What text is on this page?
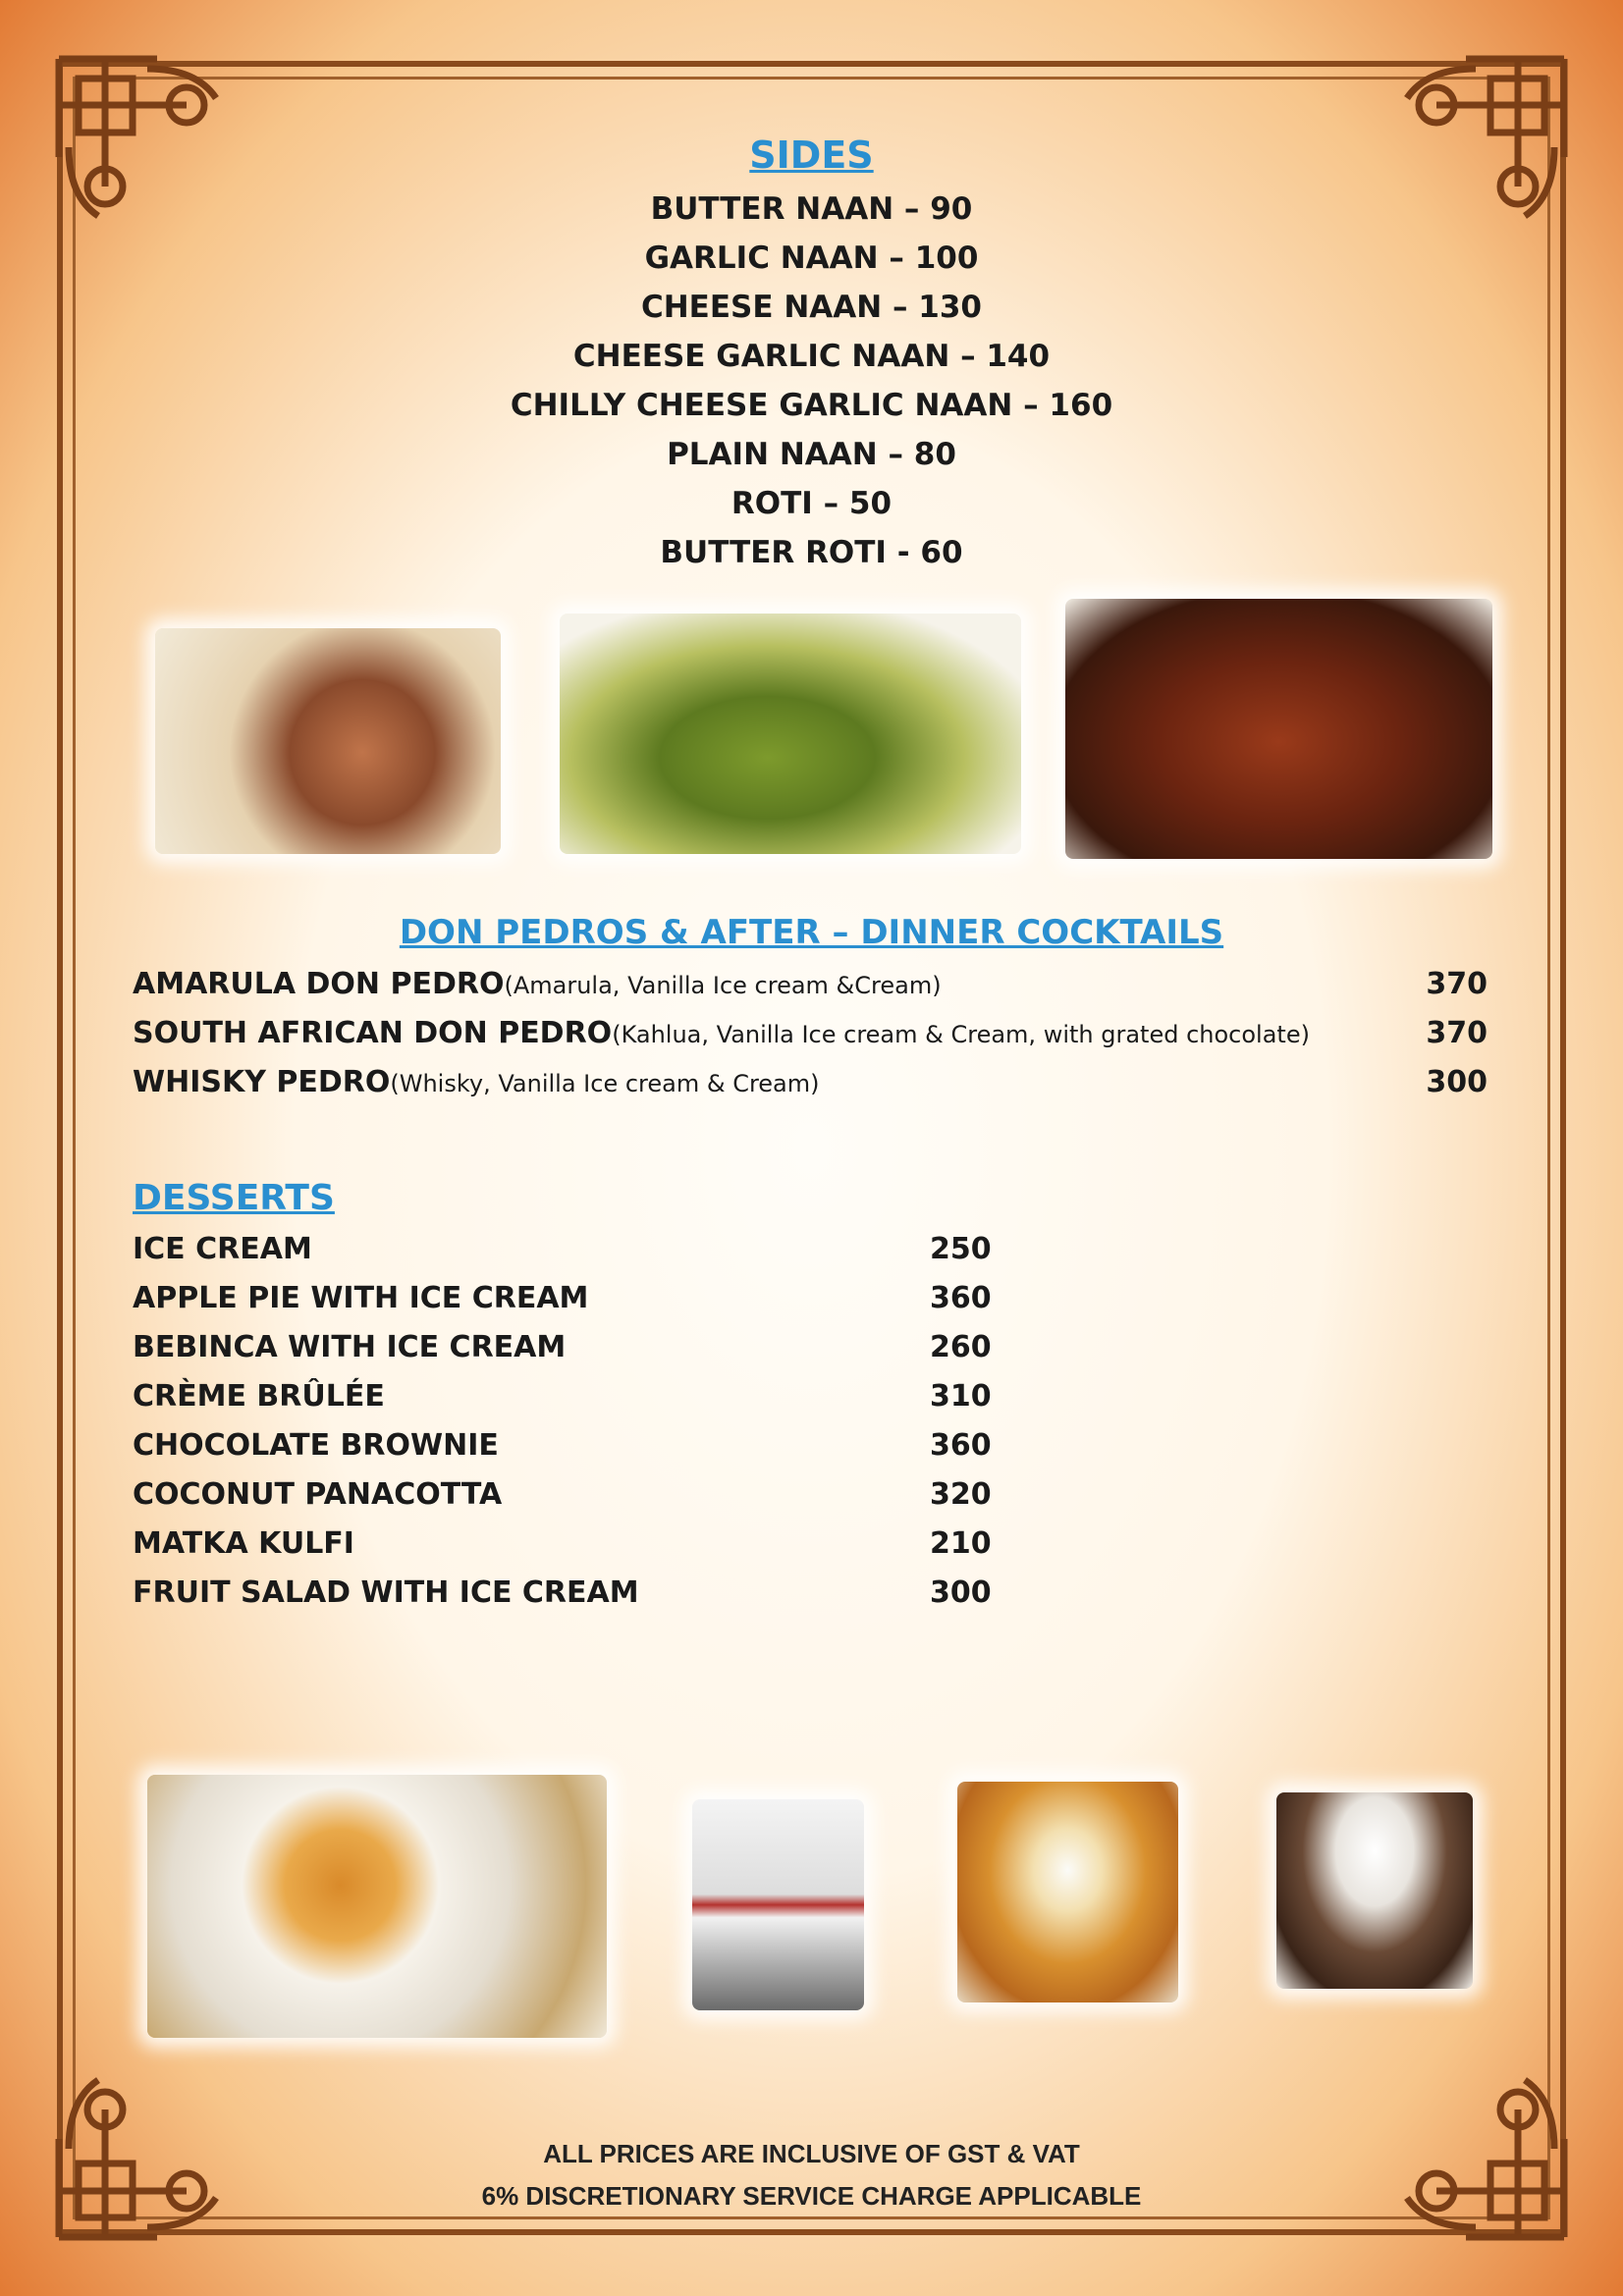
SIDES
BUTTER NAAN – 90
GARLIC NAAN – 100
CHEESE NAAN – 130
CHEESE GARLIC NAAN – 140
CHILLY CHEESE GARLIC NAAN – 160
PLAIN NAAN – 80
ROTI – 50
BUTTER ROTI - 60
DON PEDROS & AFTER – DINNER COCKTAILS
AMARULA DON PEDRO(Amarula, Vanilla Ice cream &Cream)	370
SOUTH AFRICAN DON PEDRO(Kahlua, Vanilla Ice cream & Cream, with grated chocolate)	370
WHISKY PEDRO(Whisky, Vanilla Ice cream & Cream)	300
DESSERTS
ICE CREAM	250
APPLE PIE WITH ICE CREAM	360
BEBINCA WITH ICE CREAM	260
CRÈME BRÛLÉE	310
CHOCOLATE BROWNIE	360
COCONUT PANACOTTA	320
MATKA KULFI	210
FRUIT SALAD WITH ICE CREAM	300
ALL PRICES ARE INCLUSIVE OF GST & VAT
6% DISCRETIONARY SERVICE CHARGE APPLICABLE
